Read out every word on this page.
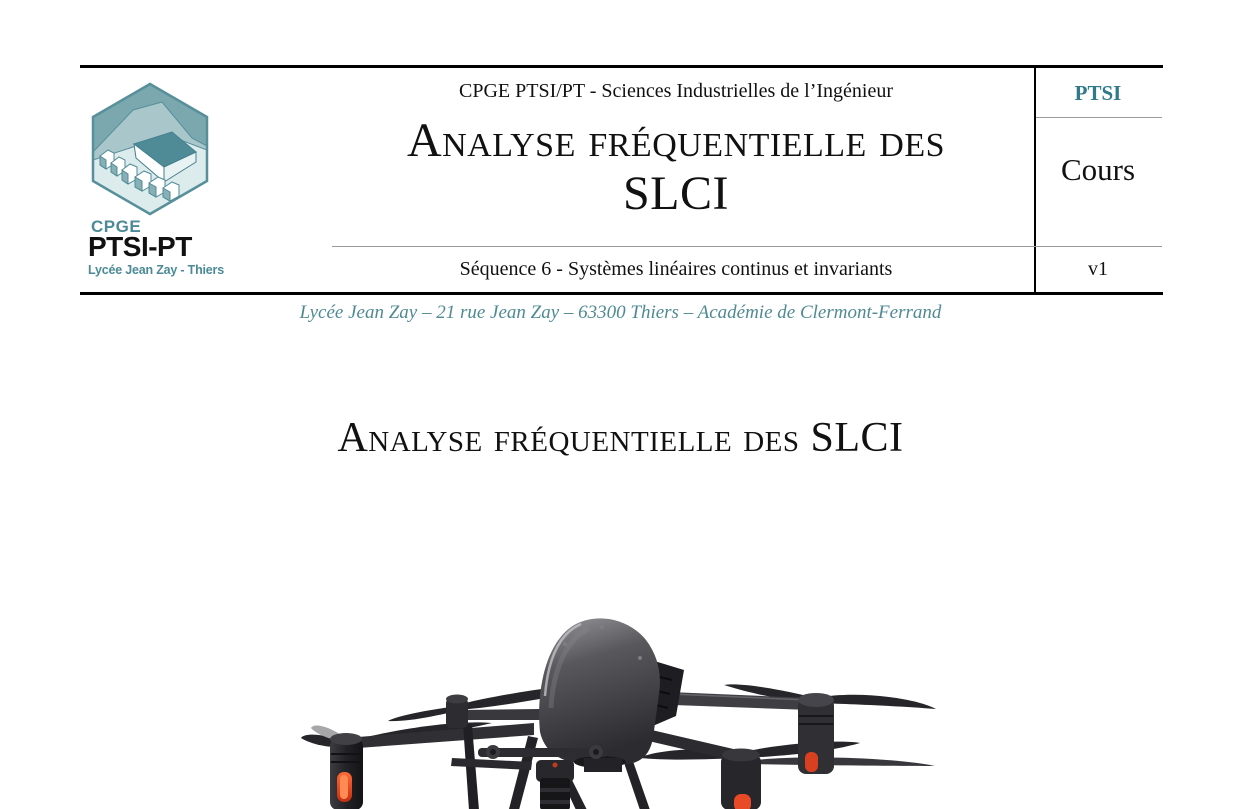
CPGE
PTSI-PT
Lycée Jean Zay - Thiers
CPGE PTSI/PT - Sciences Industrielles de l’Ingénieur
Analyse fréquentielle des
SLCI
Séquence 6 - Systèmes linéaires continus et invariants
PTSI
Cours
v1
Lycée Jean Zay – 21 rue Jean Zay – 63300 Thiers – Académie de Clermont-Ferrand
Analyse fréquentielle des SLCI
